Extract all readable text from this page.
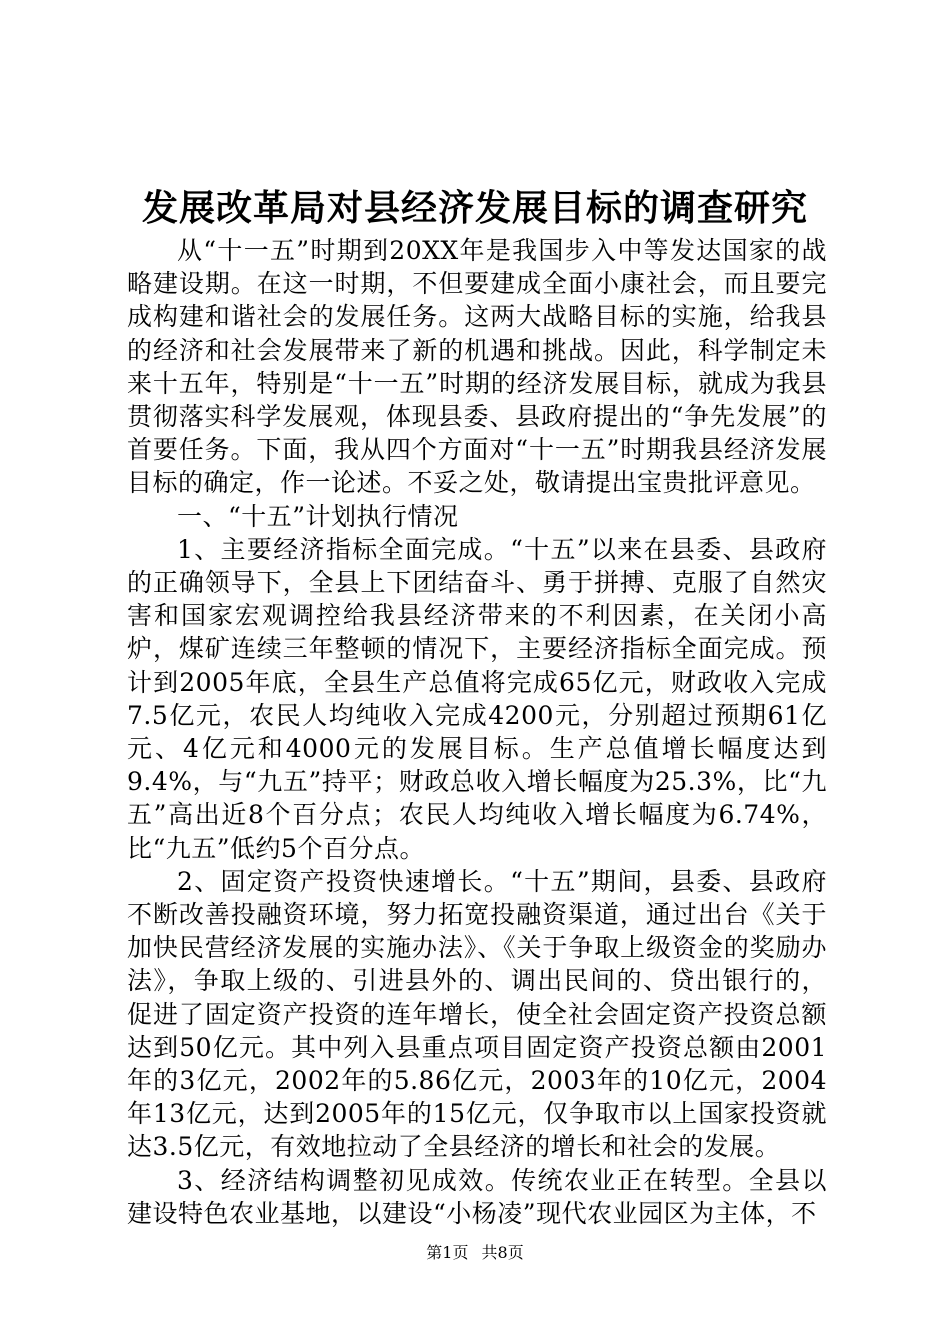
发展改革局对县经济发展目标的调查研究

从“十一五”时期到20XX年是我国步入中等发达国家的战略建设期。在这一时期，不但要建成全面小康社会，而且要完成构建和谐社会的发展任务。这两大战略目标的实施，给我县的经济和社会发展带来了新的机遇和挑战。因此，科学制定未来十五年，特别是“十一五”时期的经济发展目标，就成为我县贯彻落实科学发展观，体现县委、县政府提出的“争先发展”的首要任务。下面，我从四个方面对“十一五”时期我县经济发展目标的确定，作一论述。不妥之处，敬请提出宝贵批评意见。

一、“十五”计划执行情况

1、主要经济指标全面完成。“十五”以来在县委、县政府的正确领导下，全县上下团结奋斗、勇于拼搏、克服了自然灾害和国家宏观调控给我县经济带来的不利因素，在关闭小高炉，煤矿连续三年整顿的情况下，主要经济指标全面完成。预计到2005年底，全县生产总值将完成65亿元，财政收入完成7.5亿元，农民人均纯收入完成4200元，分别超过预期61亿元、4亿元和4000元的发展目标。生产总值增长幅度达到9.4%，与“九五”持平；财政总收入增长幅度为25.3%，比“九五”高出近8个百分点；农民人均纯收入增长幅度为6.74%，比“九五”低约5个百分点。

2、固定资产投资快速增长。“十五”期间，县委、县政府不断改善投融资环境，努力拓宽投融资渠道，通过出台《关于加快民营经济发展的实施办法》、《关于争取上级资金的奖励办法》，争取上级的、引进县外的、调出民间的、贷出银行的，促进了固定资产投资的连年增长，使全社会固定资产投资总额达到50亿元。其中列入县重点项目固定资产投资总额由2001年的3亿元，2002年的5.86亿元，2003年的10亿元，2004年13亿元，达到2005年的15亿元，仅争取市以上国家投资就达3.5亿元，有效地拉动了全县经济的增长和社会的发展。

3、经济结构调整初见成效。传统农业正在转型。全县以建设特色农业基地，以建设“小杨凌”现代农业园区为主体，不

第1页 共8页
